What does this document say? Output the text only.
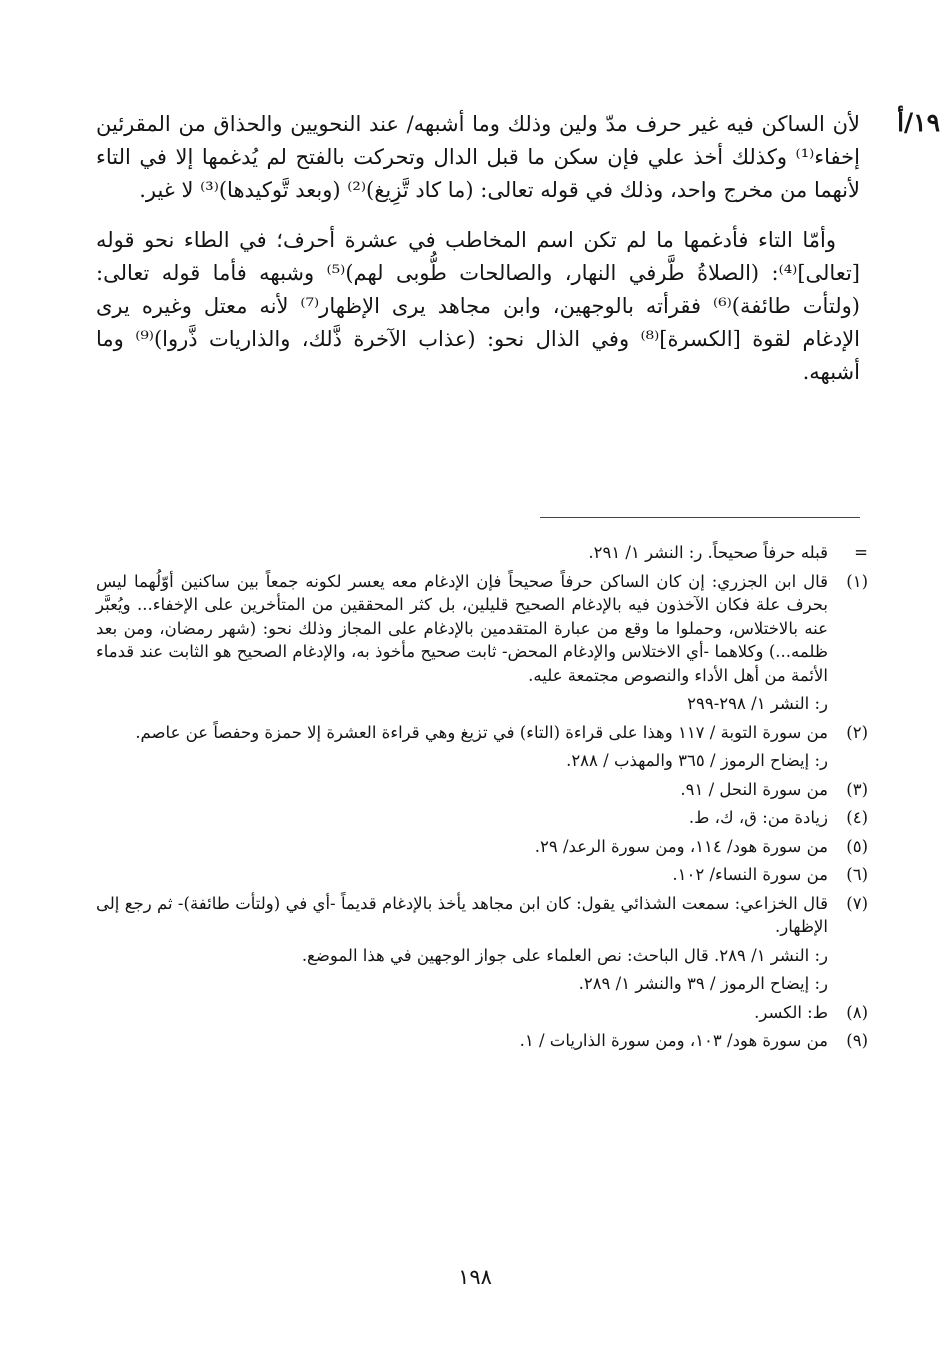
١٩/أ

لأن الساكن فيه غير حرف مدّ ولين وذلك وما أشبهه/ عند النحويين والحذاق من المقرئين إخفاء⁽¹⁾ وكذلك أخذ علي فإن سكن ما قبل الدال وتحركت بالفتح لم يُدغمها إلا في التاء لأنهما من مخرج واحد، وذلك في قوله تعالى: (ما كاد تَّزِيغ)⁽²⁾ (وبعد تَّوكيدها)⁽³⁾ لا غير.

وأمّا التاء فأدغمها ما لم تكن اسم المخاطب في عشرة أحرف؛ في الطاء نحو قوله [تعالى]⁽⁴⁾: (الصلاةُ طَّرفي النهار، والصالحات طُّوبى لهم)⁽⁵⁾ وشبهه فأما قوله تعالى: (ولتأت طائفة)⁽⁶⁾ فقرأته بالوجهين، وابن مجاهد يرى الإظهار⁽⁷⁾ لأنه معتل وغيره يرى الإدغام لقوة [الكسرة]⁽⁸⁾ وفي الذال نحو: (عذاب الآخرة ذَّلك، والذاريات ذَّروا)⁽⁹⁾ وما أشبهه.

=
قبله حرفاً صحيحاً. ر: النشر ١/ ٢٩١.
(١)
قال ابن الجزري: إن كان الساكن حرفاً صحيحاً فإن الإدغام معه يعسر لكونه جمعاً بين ساكنين أوّلُهما ليس بحرف علة فكان الآخذون فيه بالإدغام الصحيح قليلين، بل كثر المحققين من المتأخرين على الإخفاء... ويُعبَّر عنه بالاختلاس، وحملوا ما وقع من عبارة المتقدمين بالإدغام على المجاز وذلك نحو: (شهر رمضان، ومن بعد ظلمه...) وكلاهما -أي الاختلاس والإدغام المحض- ثابت صحيح مأخوذ به، والإدغام الصحيح هو الثابت عند قدماء الأئمة من أهل الأداء والنصوص مجتمعة عليه.
ر: النشر ١/ ٢٩٨-٢٩٩
(٢)
من سورة التوبة / ١١٧ وهذا على قراءة (التاء) في تزيغ وهي قراءة العشرة إلا حمزة وحفصاً عن عاصم.
ر: إيضاح الرموز / ٣٦٥ والمهذب / ٢٨٨.
(٣)
من سورة النحل / ٩١.
(٤)
زيادة من: ق، ك، ط.
(٥)
من سورة هود/ ١١٤، ومن سورة الرعد/ ٢٩.
(٦)
من سورة النساء/ ١٠٢.
(٧)
قال الخزاعي: سمعت الشذائي يقول: كان ابن مجاهد يأخذ بالإدغام قديماً -أي في (ولتأت طائفة)- ثم رجع إلى الإظهار.
ر: النشر ١/ ٢٨٩. قال الباحث: نص العلماء على جواز الوجهين في هذا الموضع.
ر: إيضاح الرموز / ٣٩ والنشر ١/ ٢٨٩.
(٨)
ط: الكسر.
(٩)
من سورة هود/ ١٠٣، ومن سورة الذاريات / ١.
١٩٨
